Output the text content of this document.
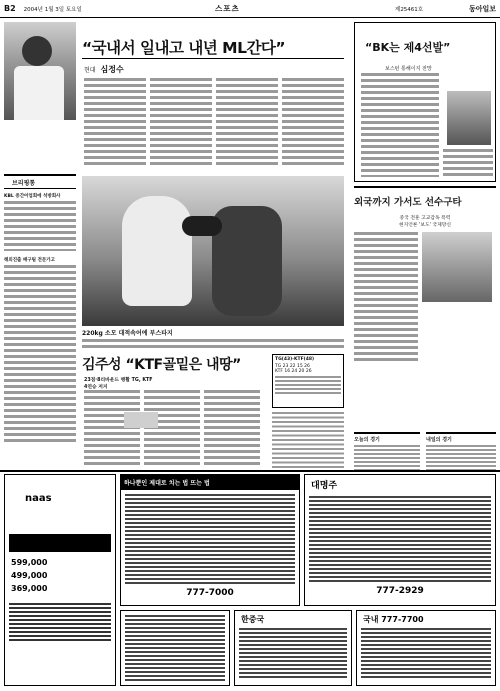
B2 2004년 1월 3일 토요일	스포츠	제25461호	동아일보
“국내서 일내고 내년 ML간다”
현대 심정수
“BK는 제4선발”
보스턴 통해이지 전망
브리핑통
KBL 중간어업회에 석방회사
해외진출 배구팀 전문가고
220kg 소모 대적속어에 부스타지
외국까지 가서도 선수구타
중국 전훈 고교감독 폭력
현지언론 '보도' 국제망신
김주성 “KTF골밑은 내땅”
23점·8리바운드 맹활 TG, KTF 4연승 저지
TG(43)-KTF(48)
TG 23 22 15 26
KTF 16 24 20 26
오늘의 경기	내일의 경기
naas
599,000
499,000
369,000
하나뿐인 제대로 치는 법 뜨는 법
777-7000
대명주
777-2929
한중국	국내 777-7700
